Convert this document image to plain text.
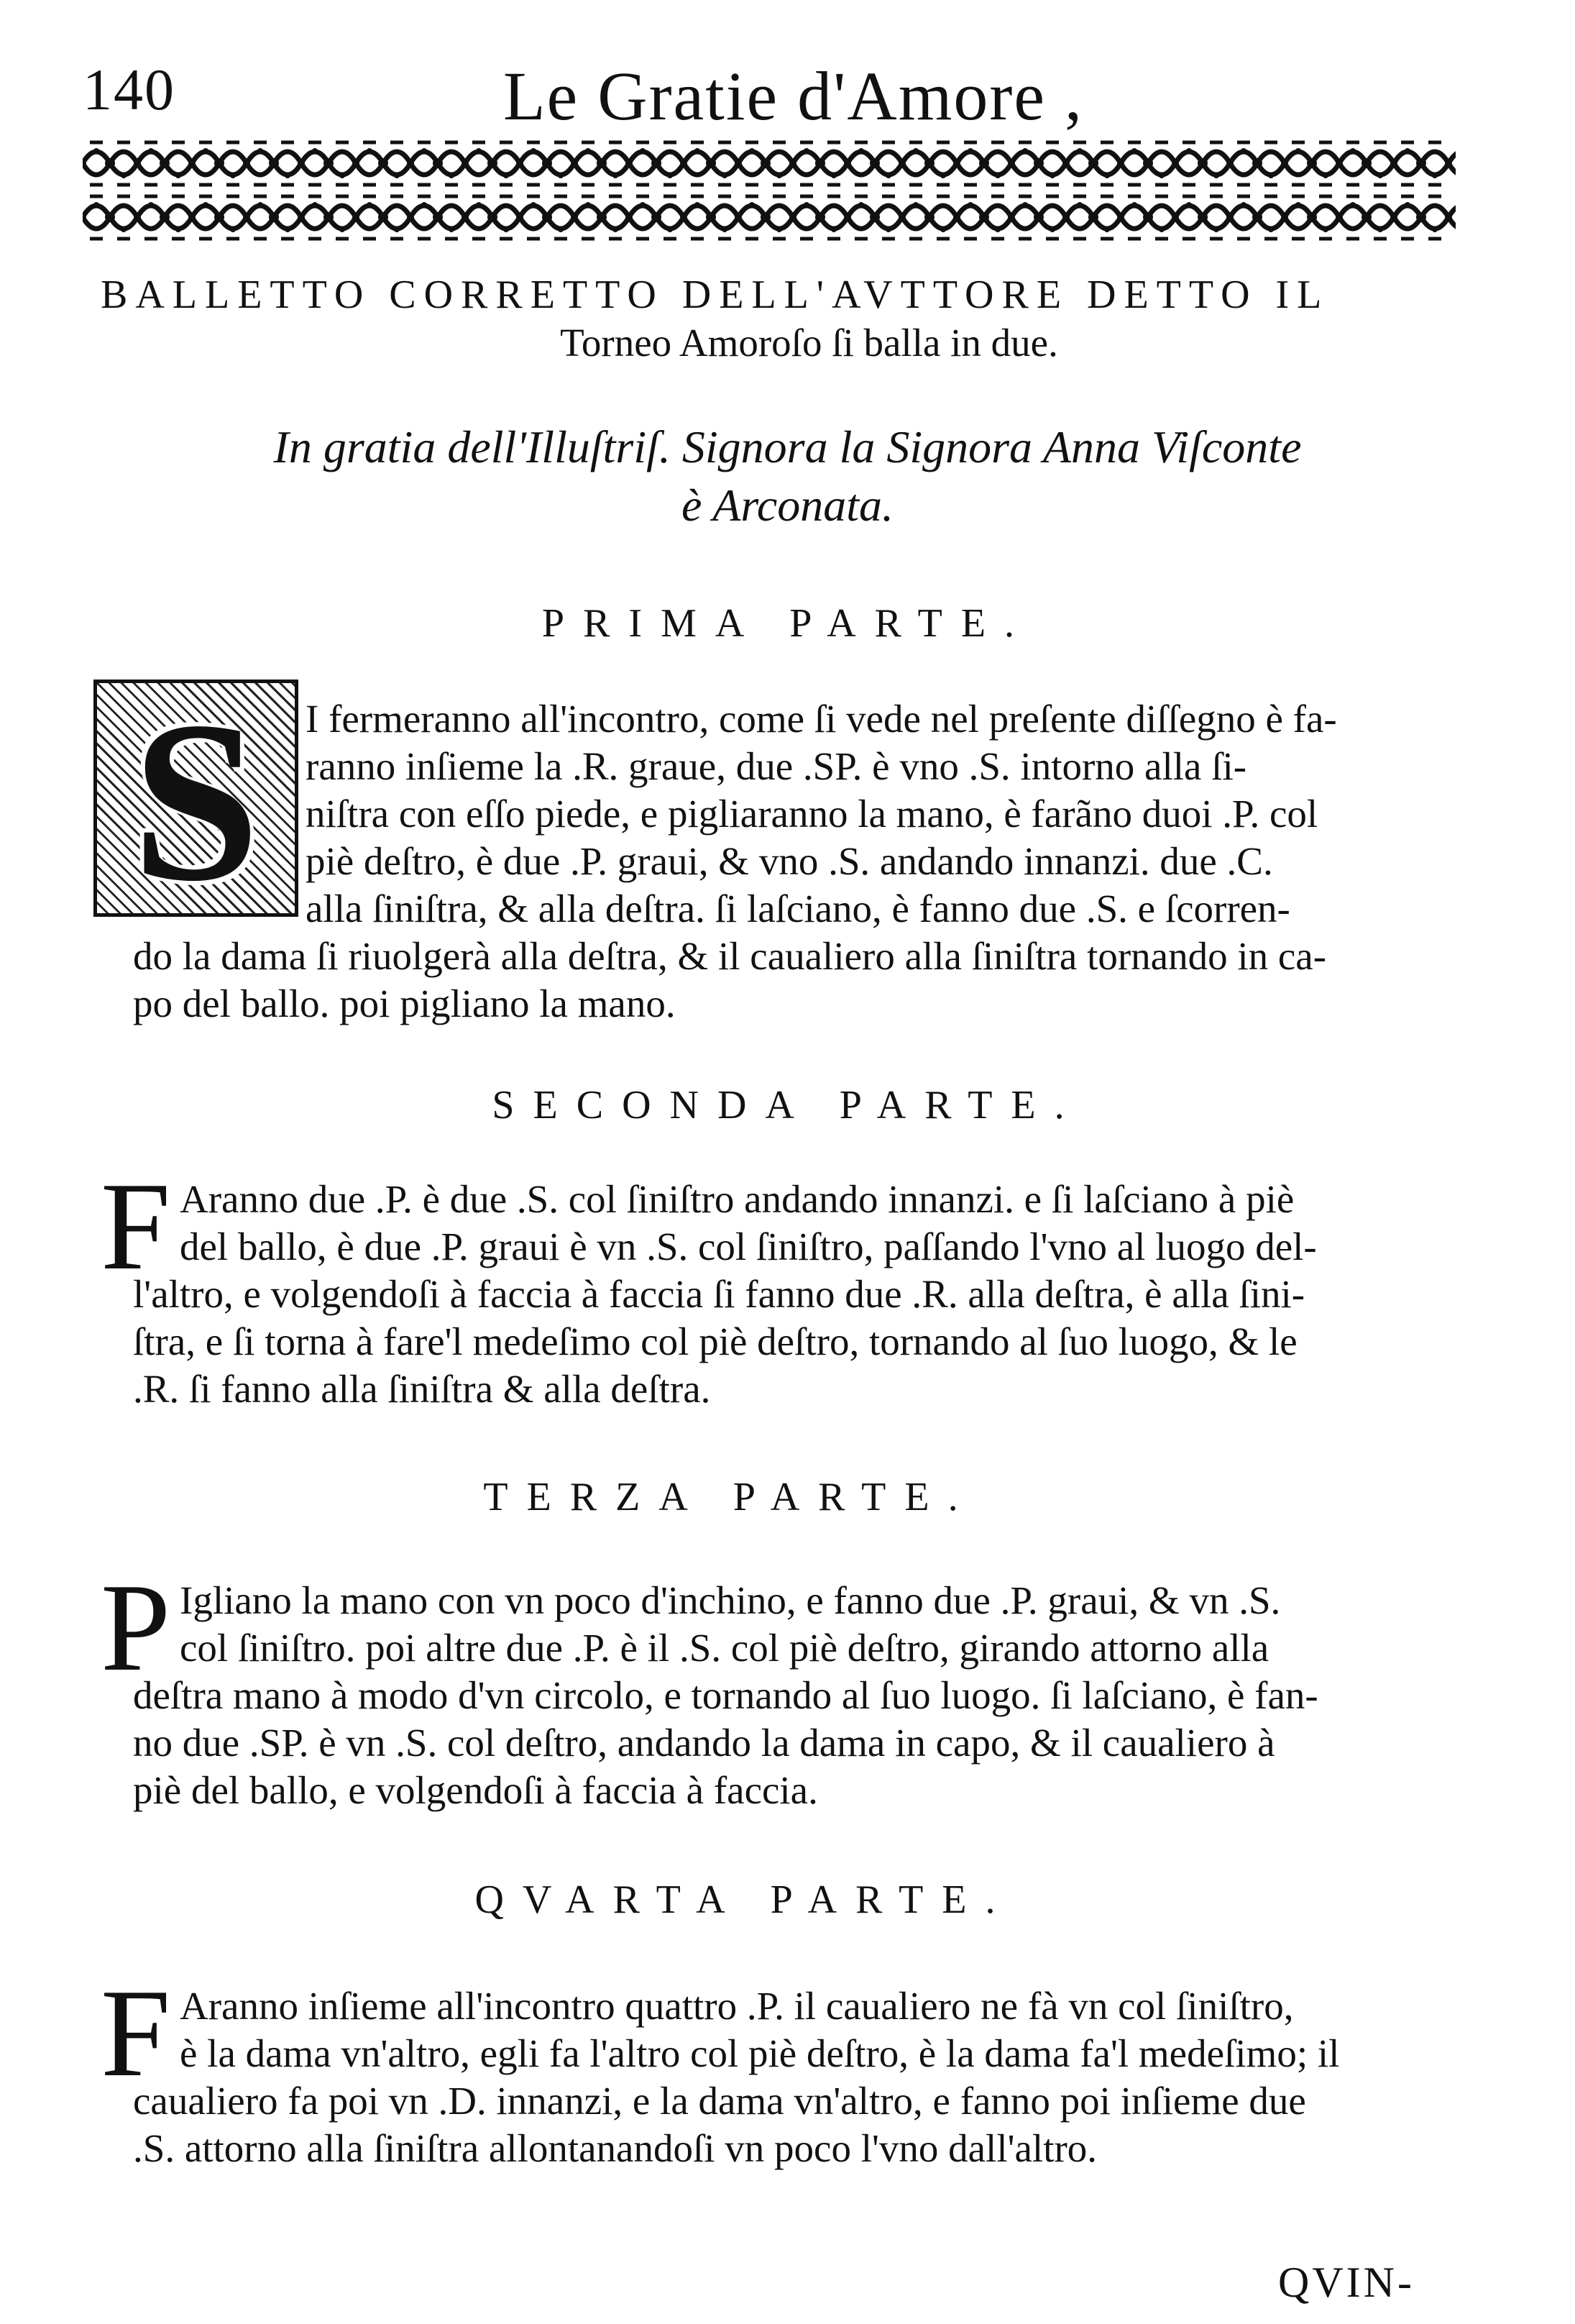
140	Le Gratie d'Amore ,
BALLETTO CORRETTO DELL'AVTTORE DETTO IL
Torneo Amoroſo ſi balla in due.
In gratia dell'Illuſtriſ. Signora la Signora Anna Viſconte
è Arconata.
PRIMA PARTE.
S	I fermeranno all'incontro, come ſi vede nel preſente diſſegno è fa-
ranno inſieme la .R. graue, due .SP. è vno .S. intorno alla ſi-
niſtra con eſſo piede, e pigliaranno la mano, è farãno duoi .P. col
piè deſtro, è due .P. graui, & vno .S. andando innanzi. due .C.
alla ſiniſtra, & alla deſtra. ſi laſciano, è fanno due .S. e ſcorren-
do la dama ſi riuolgerà alla deſtra, & il caualiero alla ſiniſtra tornando in ca-
po del ballo. poi pigliano la mano.
SECONDA PARTE.
F Aranno due .P. è due .S. col ſiniſtro andando innanzi. e ſi laſciano à piè
del ballo, è due .P. graui è vn .S. col ſiniſtro, paſſando l'vno al luogo del-
l'altro, e volgendoſi à faccia à faccia ſi fanno due .R. alla deſtra, è alla ſini-
ſtra, e ſi torna à fare'l medeſimo col piè deſtro, tornando al ſuo luogo, & le
.R. ſi fanno alla ſiniſtra & alla deſtra.
TERZA PARTE.
P Igliano la mano con vn poco d'inchino, e fanno due .P. graui, & vn .S.
col ſiniſtro. poi altre due .P. è il .S. col piè deſtro, girando attorno alla
deſtra mano à modo d'vn circolo, e tornando al ſuo luogo. ſi laſciano, è fan-
no due .SP. è vn .S. col deſtro, andando la dama in capo, & il caualiero à
piè del ballo, e volgendoſi à faccia à faccia.
QVARTA PARTE.
F Aranno inſieme all'incontro quattro .P. il caualiero ne fà vn col ſiniſtro,
è la dama vn'altro, egli fa l'altro col piè deſtro, è la dama fa'l medeſimo; il
caualiero fa poi vn .D. innanzi, e la dama vn'altro, e fanno poi inſieme due
.S. attorno alla ſiniſtra allontanandoſi vn poco l'vno dall'altro.
QVIN-
